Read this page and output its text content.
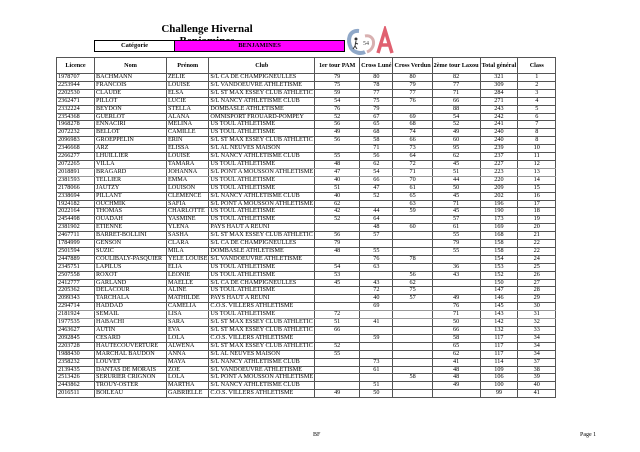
Challenge Hivernal
Catégorie	BENJAMINES	54
Licence	Nom	Prénom	Club	1er tour PAM	Cross Luné	Cross Verdun	2ème tour Laxou	Total général	Class
1978707	BACHMANN	ZELIE	S/L CA DE CHAMPIGNEULLES	79	80	80	82	321	1
2253944	FRANCOIS	LOUISE	S/L VANDOEUVRE ATHLETISME	75	78	79	77	309	2
2202530	CLAUDE	ELSA	S/L ST MAX ESSEY CLUB ATHLETIC	59	77	77	71	284	3
2362471	PILLOT	LUCIE	S/L NANCY ATHLETISME CLUB	54	75	76	66	271	4
2332224	BEYDON	STELLA	DOMBASLE ATHLETISME	76	79		88	243	5
2354368	GUERLOT	ALANA	OMNISPORT FROUARD-POMPEY	52	67	69	54	242	6
1968278	ENNACIRI	MELINA	US TOUL ATHLETISME	56	65	68	52	241	7
2072232	BELLOT	CAMILLE	US TOUL ATHLETISME	49	68	74	49	240	8
2096983	GROEPPELIN	ERIN	S/L ST MAX ESSEY CLUB ATHLETIC	56	58	66	60	240	8
2346668	ARZ	ELISSA	S/L AL NEUVES MAISON		71	73	95	239	10
2266277	LHUILLIER	LOUISE	S/L NANCY ATHLETISME CLUB	55	56	64	62	237	11
2072265	VILLA	TAMARA	US TOUL ATHLETISME	48	62	72	45	227	12
2018891	BRAGARD	JOHANNA	S/L PONT A MOUSSON ATHLETISME	47	54	71	51	223	13
2381593	TELLIER	EMMA	US TOUL ATHLETISME	40	66	70	44	220	14
2178066	JAUTZY	LOUISON	US TOUL ATHLETISME	51	47	61	50	209	15
2338694	PILLANT	CLEMENCE	S/L NANCY ATHLETISME CLUB	40	52	65	45	202	16
1924182	OUCHMIK	SAFIA	S/L PONT A MOUSSON ATHLETISME	62		63	71	196	17
2022164	THOMAS	CHARLOTTE	US TOUL ATHLETISME	42	44	59	45	190	18
2454498	OUADAH	YASMINE	US TOUL ATHLETISME	52	64		57	173	19
2381902	ETIENNE	YLENA	PAYS HAUT A REUNI		48	60	61	169	20
2467711	BARRET-BOLLINI	SASHA	S/L ST MAX ESSEY CLUB ATHLETIC	56	57		55	168	21
1784999	GENSON	CLARA	S/L CA DE CHAMPIGNEULLES	79			79	158	22
2501594	SUZIC	MILA	DOMBASLE ATHLETISME	48	55		55	158	22
2447889	COULIBALY-PASQUIER	YELE LOUISE	S/L VANDOEUVRE ATHLETISME		76	78		154	24
2345751	LAPILUS	ELIA	US TOUL ATHLETISME	54	63		36	153	25
2507558	ROXOT	LEONIE	US TOUL ATHLETISME	53		56	43	152	26
2412777	GARLAND	MAELLE	S/L CA DE CHAMPIGNEULLES	45	43	62		150	27
2205362	DELACOUR	ALINE	US TOUL ATHLETISME		72	75		147	28
2099343	TARCHALA	MATHILDE	PAYS HAUT A REUNI		40	57	49	146	29
2294714	HADDAD	CAMELIA	C.O.S. VILLERS ATHLETISME		69		76	145	30
2181924	SEMAIL	LISA	US TOUL ATHLETISME	72			71	143	31
1977535	HABACHI	SARA	S/L ST MAX ESSEY CLUB ATHLETIC	51	41		50	142	32
2463627	AUTIN	EVA	S/L ST MAX ESSEY CLUB ATHLETIC	66			66	132	33
2092845	CESARD	LOLA	C.O.S. VILLERS ATHLETISME		59		58	117	34
2203728	HAUTECOUVERTURE	ALWENA	S/L ST MAX ESSEY CLUB ATHLETIC	52			65	117	34
1988430	MARCHAL BAUDON	ANNA	S/L AL NEUVES MAISON	55			62	117	34
2358232	LOUVET	MAYA	S/L NANCY ATHLETISME CLUB		73		41	114	37
2139435	DANTAS DE MORAIS	ZOE	S/L VANDOEUVRE ATHLETISME		61		48	109	38
2513426	SERURIER CRIGNON	LOLA	S/L PONT A MOUSSON ATHLETISME			58	48	106	39
2443862	TROUY-OSTER	MARTHA	S/L NANCY ATHLETISME CLUB		51		49	100	40
2016511	BOILEAU	GABRIELLE	C.O.S. VILLERS ATHLETISME	49	50			99	41
BF	Page 1
